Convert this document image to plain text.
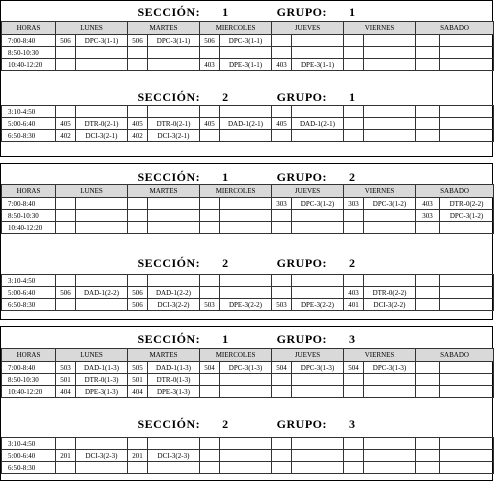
SECCIÓN: 1	GRUPO: 1
HORAS	LUNES		MARTES		MIERCOLES		JUEVES		VIERNES		SABADO	
7:00-8:40	506	DPC-3(1-1)	506	DPC-3(1-1)	506	DPC-3(1-1)						
8:50-10:30												
10:40-12:20					403	DPE-3(1-1)	403	DPE-3(1-1)				
SECCIÓN: 2	GRUPO: 1
3:10-4:50												
5:00-6:40	405	DTR-0(2-1)	405	DTR-0(2-1)	405	DAD-1(2-1)	405	DAD-1(2-1)				
6:50-8:30	402	DCI-3(2-1)	402	DCI-3(2-1)								
SECCIÓN: 1	GRUPO: 2
HORAS	LUNES		MARTES		MIERCOLES		JUEVES		VIERNES		SABADO	
7:00-8:40							303	DPC-3(1-2)	303	DPC-3(1-2)	403	DTR-0(2-2)
8:50-10:30											303	DPC-3(1-2)
10:40-12:20												
SECCIÓN: 2	GRUPO: 2
3:10-4:50												
5:00-6:40	506	DAD-1(2-2)	506	DAD-1(2-2)					403	DTR-0(2-2)		
6:50-8:30			506	DCI-3(2-2)	503	DPE-3(2-2)	503	DPE-3(2-2)	401	DCI-3(2-2)		
SECCIÓN: 1	GRUPO: 3
HORAS	LUNES		MARTES		MIERCOLES		JUEVES		VIERNES		SABADO	
7:00-8:40	503	DAD-1(1-3)	505	DAD-1(1-3)	504	DPC-3(1-3)	504	DPC-3(1-3)	504	DPC-3(1-3)		
8:50-10:30	501	DTR-0(1-3)	501	DTR-0(1-3)								
10:40-12:20	404	DPE-3(1-3)	404	DPE-3(1-3)								
SECCIÓN: 2	GRUPO: 3
3:10-4:50												
5:00-6:40	201	DCI-3(2-3)	201	DCI-3(2-3)								
6:50-8:30												
